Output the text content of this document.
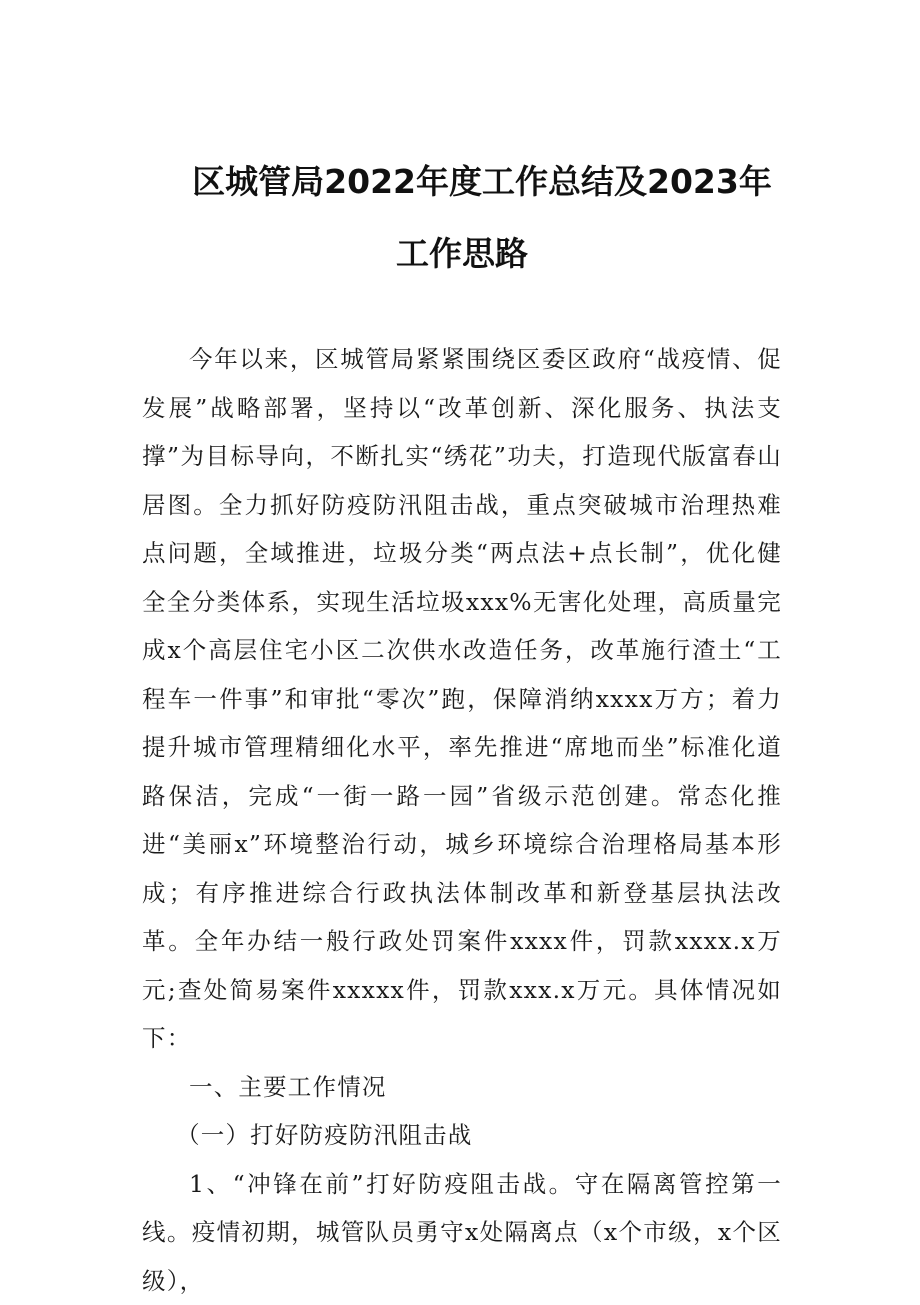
区城管局2022年度工作总结及2023年
工作思路

今年以来，区城管局紧紧围绕区委区政府“战疫情、促发展”战略部署，坚持以“改革创新、深化服务、执法支撑”为目标导向，不断扎实“绣花”功夫，打造现代版富春山居图。全力抓好防疫防汛阻击战，重点突破城市治理热难点问题，全域推进，垃圾分类“两点法+点长制”，优化健全全分类体系，实现生活垃圾xxx%无害化处理，高质量完成x个高层住宅小区二次供水改造任务，改革施行渣土“工程车一件事”和审批“零次”跑，保障消纳xxxx万方；着力提升城市管理精细化水平，率先推进“席地而坐”标准化道路保洁，完成“一街一路一园”省级示范创建。常态化推进“美丽x”环境整治行动，城乡环境综合治理格局基本形成；有序推进综合行政执法体制改革和新登基层执法改革。全年办结一般行政处罚案件xxxx件，罚款xxxx.x万元;查处简易案件xxxxx件，罚款xxx.x万元。具体情况如下：

一、主要工作情况

（一）打好防疫防汛阻击战

1、“冲锋在前”打好防疫阻击战。守在隔离管控第一线。疫情初期，城管队员勇守x处隔离点（x个市级，x个区级），
